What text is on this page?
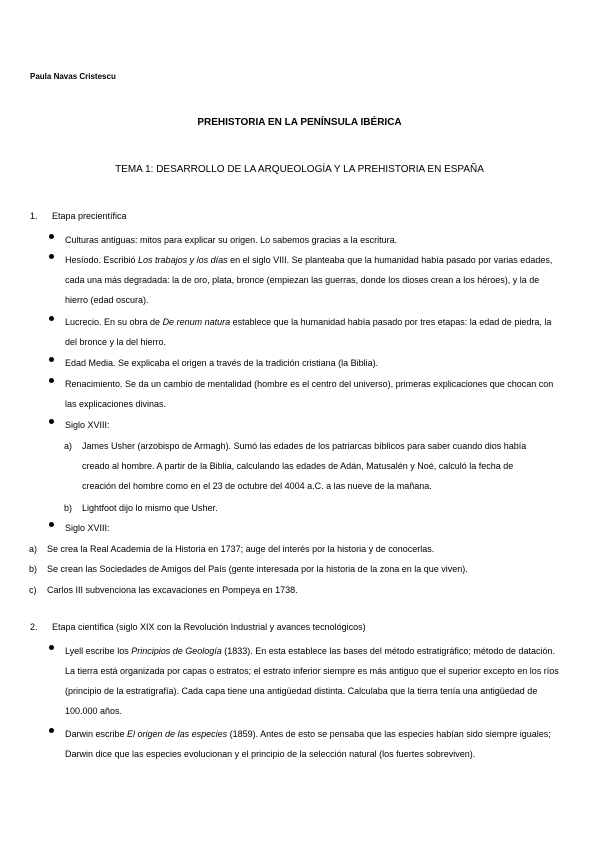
Paula Navas Cristescu
PREHISTORIA EN LA PENÍNSULA IBÉRICA
TEMA 1: DESARROLLO DE LA ARQUEOLOGÍA Y LA PREHISTORIA EN ESPAÑA
1. Etapa precientífica

Culturas antiguas: mitos para explicar su origen. Lo sabemos gracias a la escritura.

Hesíodo. Escribió Los trabajos y los días en el siglo VIII. Se planteaba que la humanidad había pasado por varias edades, cada una más degradada: la de oro, plata, bronce (empiezan las guerras, donde los dioses crean a los héroes), y la de hierro (edad oscura).

Lucrecio. En su obra de De renum natura establece que la humanidad había pasado por tres etapas: la edad de piedra, la del bronce y la del hierro.

Edad Media. Se explicaba el origen a través de la tradición cristiana (la Biblia).

Renacimiento. Se da un cambio de mentalidad (hombre es el centro del universo), primeras explicaciones que chocan con las explicaciones divinas.

Siglo XVIII:

a) James Usher (arzobispo de Armagh). Sumó las edades de los patriarcas bíblicos para saber cuando dios había creado al hombre. A partir de la Biblia, calculando las edades de Adán, Matusalén y Noé, calculó la fecha de creación del hombre como en el 23 de octubre del 4004 a.C. a las nueve de la mañana.

b) Lightfoot dijo lo mismo que Usher.

Siglo XVIII:

a) Se crea la Real Academia de la Historia en 1737; auge del interés por la historia y de conocerlas.

b) Se crean las Sociedades de Amigos del País (gente interesada por la historia de la zona en la que viven).

c) Carlos III subvenciona las excavaciones en Pompeya en 1738.

2. Etapa científica (siglo XIX con la Revolución Industrial y avances tecnológicos)

Lyell escribe los Principios de Geología (1833). En esta establece las bases del método estratigráfico; método de datación. La tierra está organizada por capas o estratos; el estrato inferior siempre es más antiguo que el superior excepto en los ríos (principio de la estratigrafía). Cada capa tiene una antigüedad distinta. Calculaba que la tierra tenía una antigüedad de 100.000 años.

Darwin escribe El origen de las especies (1859). Antes de esto se pensaba que las especies habían sido siempre iguales; Darwin dice que las especies evolucionan y el principio de la selección natural (los fuertes sobreviven).
